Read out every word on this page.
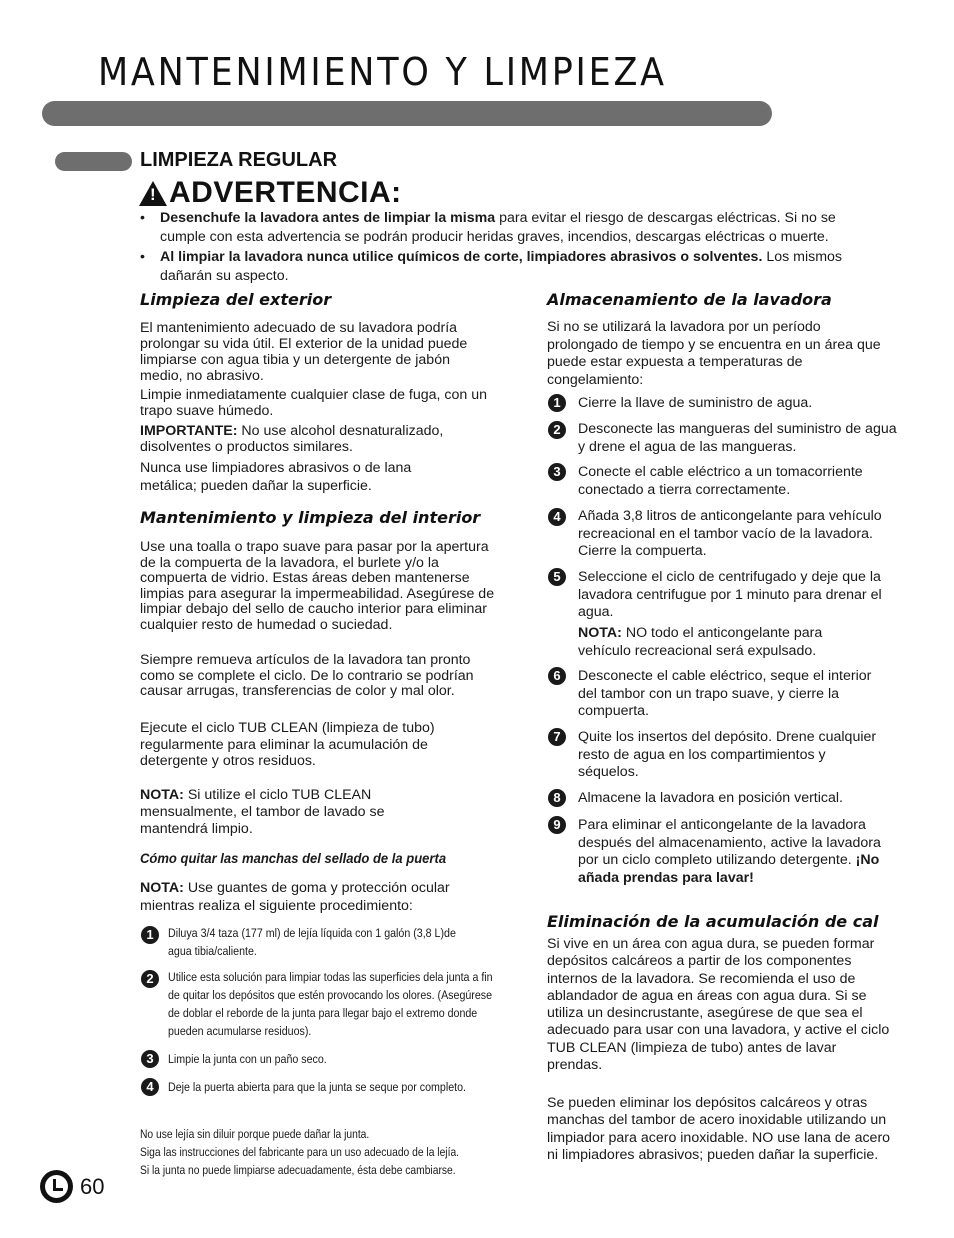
MANTENIMIENTO Y LIMPIEZA
LIMPIEZA REGULAR
! ADVERTENCIA:
• Desenchufe la lavadora antes de limpiar la misma para evitar el riesgo de descargas eléctricas. Si no se cumple con esta advertencia se podrán producir heridas graves, incendios, descargas eléctricas o muerte.
• Al limpiar la lavadora nunca utilice químicos de corte, limpiadores abrasivos o solventes. Los mismos dañarán su aspecto.
Limpieza del exterior
El mantenimiento adecuado de su lavadora podría prolongar su vida útil. El exterior de la unidad puede limpiarse con agua tibia y un detergente de jabón medio, no abrasivo.
Limpie inmediatamente cualquier clase de fuga, con un trapo suave húmedo.
IMPORTANTE: No use alcohol desnaturalizado, disolventes o productos similares.
Nunca use limpiadores abrasivos o de lana metálica; pueden dañar la superficie.
Mantenimiento y limpieza del interior
Use una toalla o trapo suave para pasar por la apertura de la compuerta de la lavadora, el burlete y/o la compuerta de vidrio. Estas áreas deben mantenerse limpias para asegurar la impermeabilidad. Asegúrese de limpiar debajo del sello de caucho interior para eliminar cualquier resto de humedad o suciedad.
Siempre remueva artículos de la lavadora tan pronto como se complete el ciclo. De lo contrario se podrían causar arrugas, transferencias de color y mal olor.
Ejecute el ciclo TUB CLEAN (limpieza de tubo) regularmente para eliminar la acumulación de detergente y otros residuos.
NOTA: Si utilize el ciclo TUB CLEAN mensualmente, el tambor de lavado se mantendrá limpio.
Cómo quitar las manchas del sellado de la puerta
NOTA: Use guantes de goma y protección ocular mientras realiza el siguiente procedimiento:
1	Diluya 3/4 taza (177 ml) de lejía líquida con 1 galón (3,8 L)de agua tibia/caliente.
2	Utilice esta solución para limpiar todas las superficies dela junta a fin de quitar los depósitos que estén provocando los olores. (Asegúrese de doblar el reborde de la junta para llegar bajo el extremo donde pueden acumularse residuos).
3	Limpie la junta con un paño seco.
4	Deje la puerta abierta para que la junta se seque por completo.
No use lejía sin diluir porque puede dañar la junta.
Siga las instrucciones del fabricante para un uso adecuado de la lejía.
Si la junta no puede limpiarse adecuadamente, ésta debe cambiarse.
Almacenamiento de la lavadora
Si no se utilizará la lavadora por un período prolongado de tiempo y se encuentra en un área que puede estar expuesta a temperaturas de congelamiento:
1	Cierre la llave de suministro de agua.
2	Desconecte las mangueras del suministro de agua y drene el agua de las mangueras.
3	Conecte el cable eléctrico a un tomacorriente conectado a tierra correctamente.
4	Añada 3,8 litros de anticongelante para vehículo recreacional en el tambor vacío de la lavadora. Cierre la compuerta.
5	Seleccione el ciclo de centrifugado y deje que la lavadora centrifugue por 1 minuto para drenar el agua.
NOTA: NO todo el anticongelante para vehículo recreacional será expulsado.
6	Desconecte el cable eléctrico, seque el interior del tambor con un trapo suave, y cierre la compuerta.
7	Quite los insertos del depósito. Drene cualquier resto de agua en los compartimientos y séquelos.
8	Almacene la lavadora en posición vertical.
9	Para eliminar el anticongelante de la lavadora después del almacenamiento, active la lavadora por un ciclo completo utilizando detergente. ¡No añada prendas para lavar!
Eliminación de la acumulación de cal
Si vive en un área con agua dura, se pueden formar depósitos calcáreos a partir de los componentes internos de la lavadora. Se recomienda el uso de ablandador de agua en áreas con agua dura. Si se utiliza un desincrustante, asegúrese de que sea el adecuado para usar con una lavadora, y active el ciclo TUB CLEAN (limpieza de tubo) antes de lavar prendas.
Se pueden eliminar los depósitos calcáreos y otras manchas del tambor de acero inoxidable utilizando un limpiador para acero inoxidable. NO use lana de acero ni limpiadores abrasivos; pueden dañar la superficie.
60
